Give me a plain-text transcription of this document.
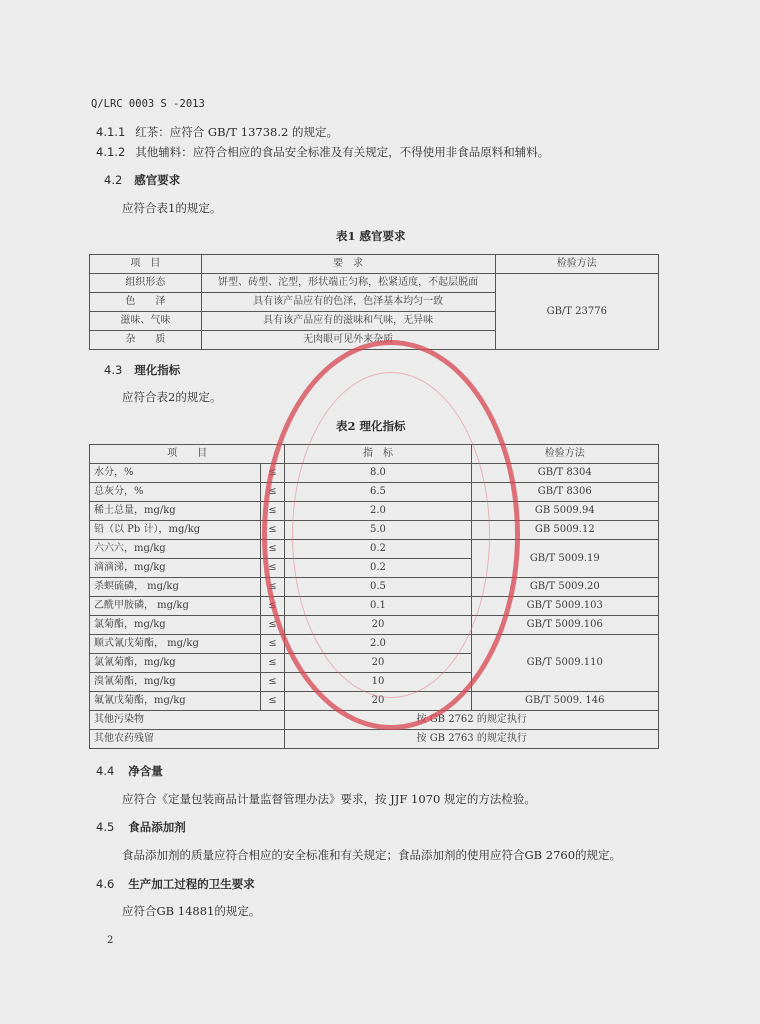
Q/LRC 0003 S -2013
4.1.1 红茶：应符合 GB/T 13738.2 的规定。
4.1.2 其他辅料：应符合相应的食品安全标准及有关规定，不得使用非食品原料和辅料。
4.2 感官要求
应符合表1的规定。
表1 感官要求
项　目	要　求	检验方法
组织形态	饼型、砖型、沱型，形状端正匀称，松紧适度，不起层脱面	GB/T 23776
色　　泽	具有该产品应有的色泽，色泽基本均匀一致	
滋味、气味	具有该产品应有的滋味和气味，无异味	
杂　　质	无肉眼可见外来杂质	
4.3 理化指标
应符合表2的规定。
表2 理化指标
项　　目		指　标	检验方法
水分，%	≤	8.0	GB/T 8304
总灰分，%	≤	6.5	GB/T 8306
稀土总量，mg/kg	≤	2.0	GB 5009.94
铅（以 Pb 计），mg/kg	≤	5.0	GB 5009.12
六六六，mg/kg	≤	0.2	GB/T 5009.19
滴滴涕，mg/kg	≤	0.2	
杀螟硫磷， mg/kg	≤	0.5	GB/T 5009.20
乙酰甲胺磷， mg/kg	≤	0.1	GB/T 5009.103
氯菊酯，mg/kg	≤	20	GB/T 5009.106
顺式氰戊菊酯， mg/kg	≤	2.0	GB/T 5009.110
氯氰菊酯，mg/kg	≤	20	
溴氰菊酯，mg/kg	≤	10	
氟氰戊菊酯，mg/kg	≤	20	GB/T 5009. 146
其他污染物		按 GB 2762 的规定执行	
其他农药残留		按 GB 2763 的规定执行	
4.4 净含量
应符合《定量包装商品计量监督管理办法》要求，按 JJF 1070 规定的方法检验。
4.5 食品添加剂
食品添加剂的质量应符合相应的安全标准和有关规定；食品添加剂的使用应符合GB 2760的规定。
4.6 生产加工过程的卫生要求
应符合GB 14881的规定。
2
